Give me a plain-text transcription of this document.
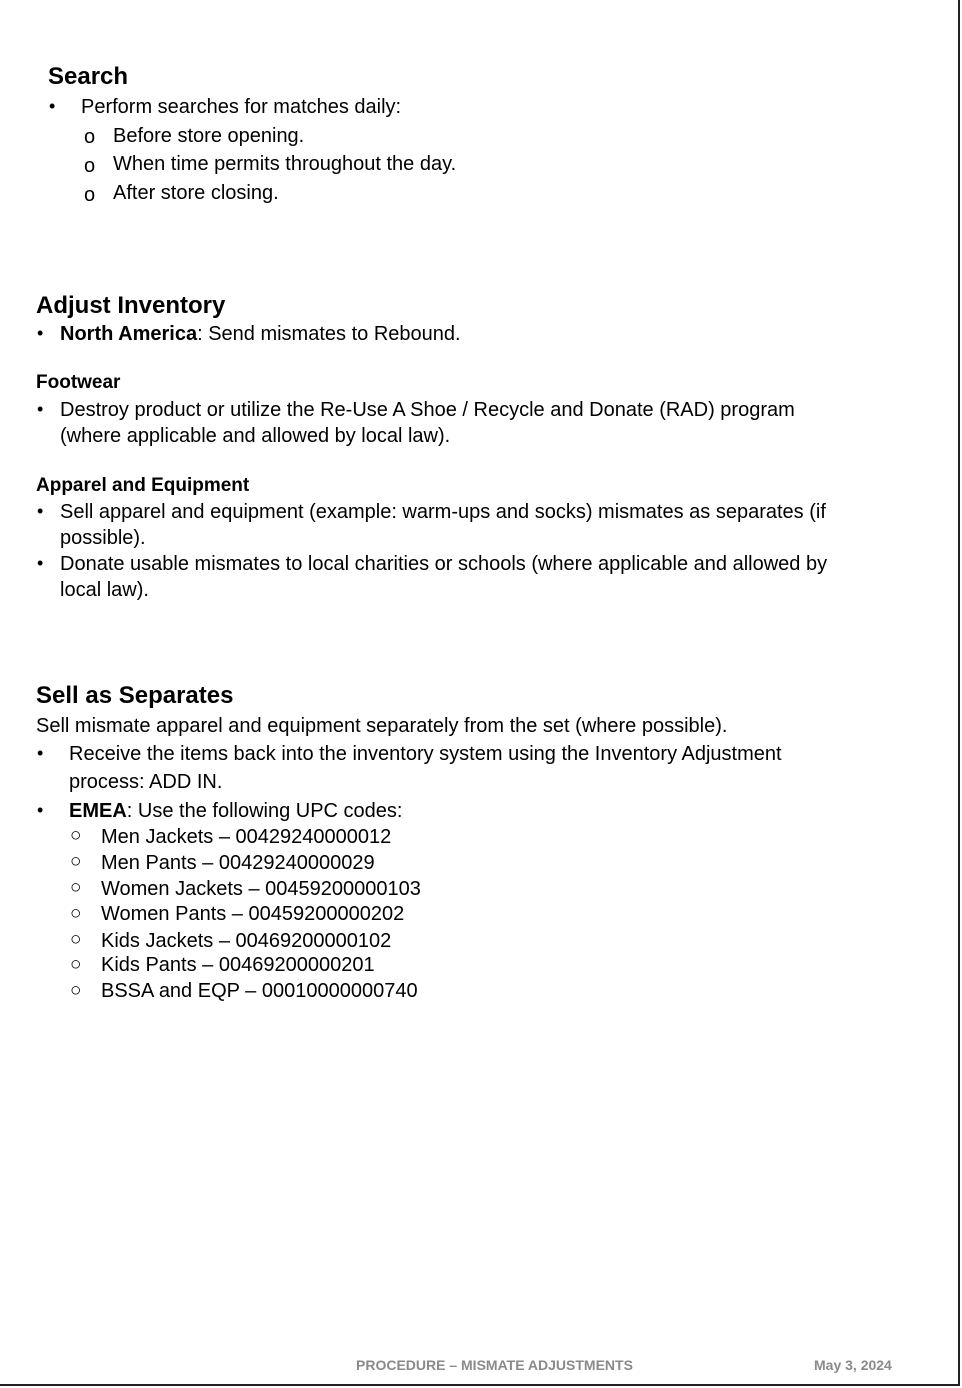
Search
• Perform searches for matches daily:
o Before store opening.
o When time permits throughout the day.
o After store closing.
Adjust Inventory
• North America: Send mismates to Rebound.
Footwear
• Destroy product or utilize the Re-Use A Shoe / Recycle and Donate (RAD) program
(where applicable and allowed by local law).
Apparel and Equipment
• Sell apparel and equipment (example: warm-ups and socks) mismates as separates (if
possible).
• Donate usable mismates to local charities or schools (where applicable and allowed by
local law).
Sell as Separates
Sell mismate apparel and equipment separately from the set (where possible).
• Receive the items back into the inventory system using the Inventory Adjustment
process: ADD IN.
• EMEA: Use the following UPC codes:
○ Men Jackets – 00429240000012
○ Men Pants – 00429240000029
○ Women Jackets – 00459200000103
○ Women Pants – 00459200000202
○ Kids Jackets – 00469200000102
○ Kids Pants – 00469200000201
○ BSSA and EQP – 00010000000740
PROCEDURE – MISMATE ADJUSTMENTS	May 3, 2024
